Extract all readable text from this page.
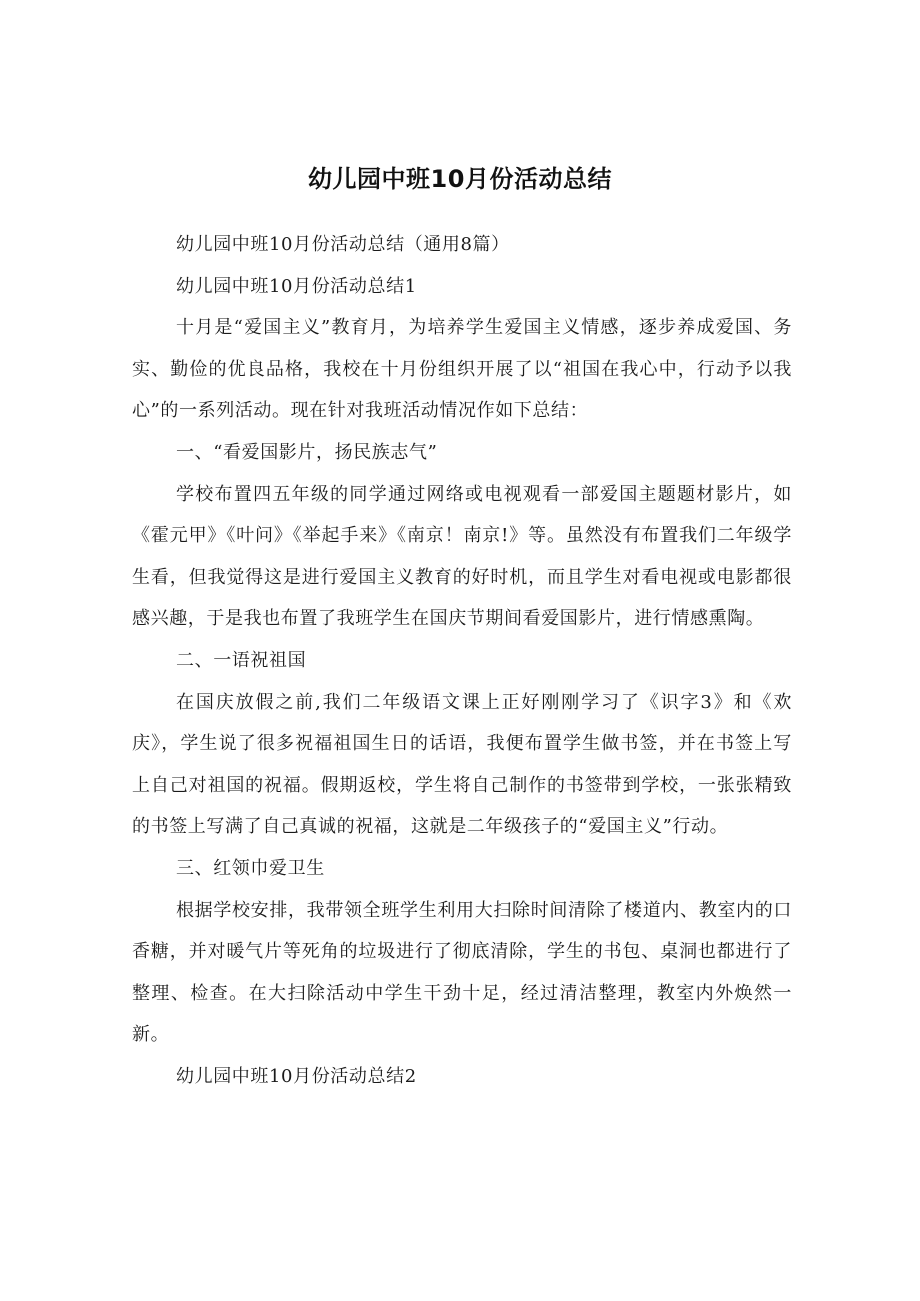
幼儿园中班10月份活动总结

幼儿园中班10月份活动总结（通用8篇）

幼儿园中班10月份活动总结1

十月是“爱国主义”教育月，为培养学生爱国主义情感，逐步养成爱国、务实、勤俭的优良品格，我校在十月份组织开展了以“祖国在我心中，行动予以我心”的一系列活动。现在针对我班活动情况作如下总结：

一、“看爱国影片，扬民族志气”

学校布置四五年级的同学通过网络或电视观看一部爱国主题题材影片，如《霍元甲》《叶问》《举起手来》《南京！南京!》等。虽然没有布置我们二年级学生看，但我觉得这是进行爱国主义教育的好时机，而且学生对看电视或电影都很感兴趣，于是我也布置了我班学生在国庆节期间看爱国影片，进行情感熏陶。

二、一语祝祖国

在国庆放假之前,我们二年级语文课上正好刚刚学习了《识字3》和《欢庆》，学生说了很多祝福祖国生日的话语，我便布置学生做书签，并在书签上写上自己对祖国的祝福。假期返校，学生将自己制作的书签带到学校，一张张精致的书签上写满了自己真诚的祝福，这就是二年级孩子的“爱国主义”行动。

三、红领巾爱卫生

根据学校安排，我带领全班学生利用大扫除时间清除了楼道内、教室内的口香糖，并对暖气片等死角的垃圾进行了彻底清除，学生的书包、桌洞也都进行了整理、检查。在大扫除活动中学生干劲十足，经过清洁整理，教室内外焕然一新。

幼儿园中班10月份活动总结2
